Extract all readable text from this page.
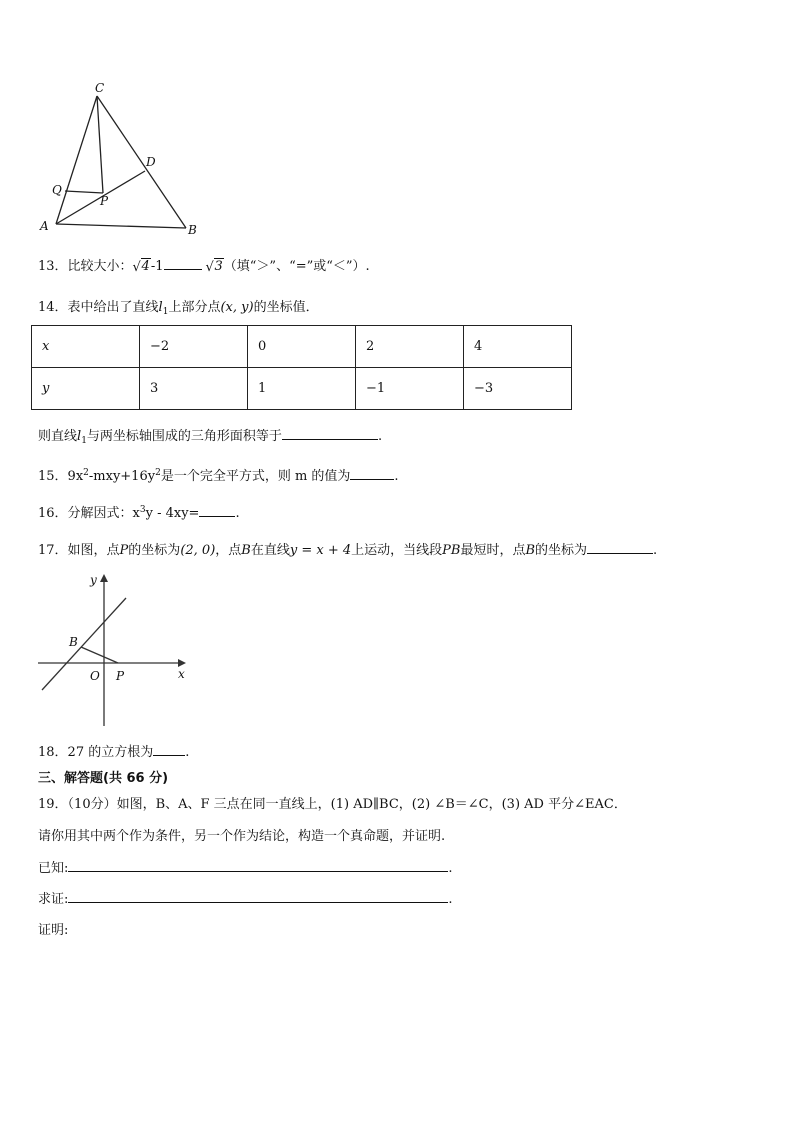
C
D
Q
P
A	B
13．比较大小： √ 4-1	√ 3（填“＞”、“=”或“＜”）.
14．表中给出了直线$l_1$上部分点(x, y)的坐标值．
x	−2	0	2	4
y	3	1	−1	−3
则直线$l_1$与两坐标轴围成的三角形面积等于	.
15．$9x^2-mxy+16y^2$是一个完全平方式，则 m 的值为	.
16．分解因式：$x^3y - 4xy=$	.
17．如图，点P的坐标为(2, 0)，点B在直线y = x + 4上运动，当线段PB最短时，点B的坐标为	.
y
x
B
O P
18．27 的立方根为 .
三、解答题(共 66 分)
19．（10分）如图，B、A、F 三点在同一直线上，(1) AD∥BC，(2) ∠B＝∠C，(3) AD 平分∠EAC．
请你用其中两个作为条件，另一个作为结论，构造一个真命题，并证明.
已知:	.
求证:	.
证明:
